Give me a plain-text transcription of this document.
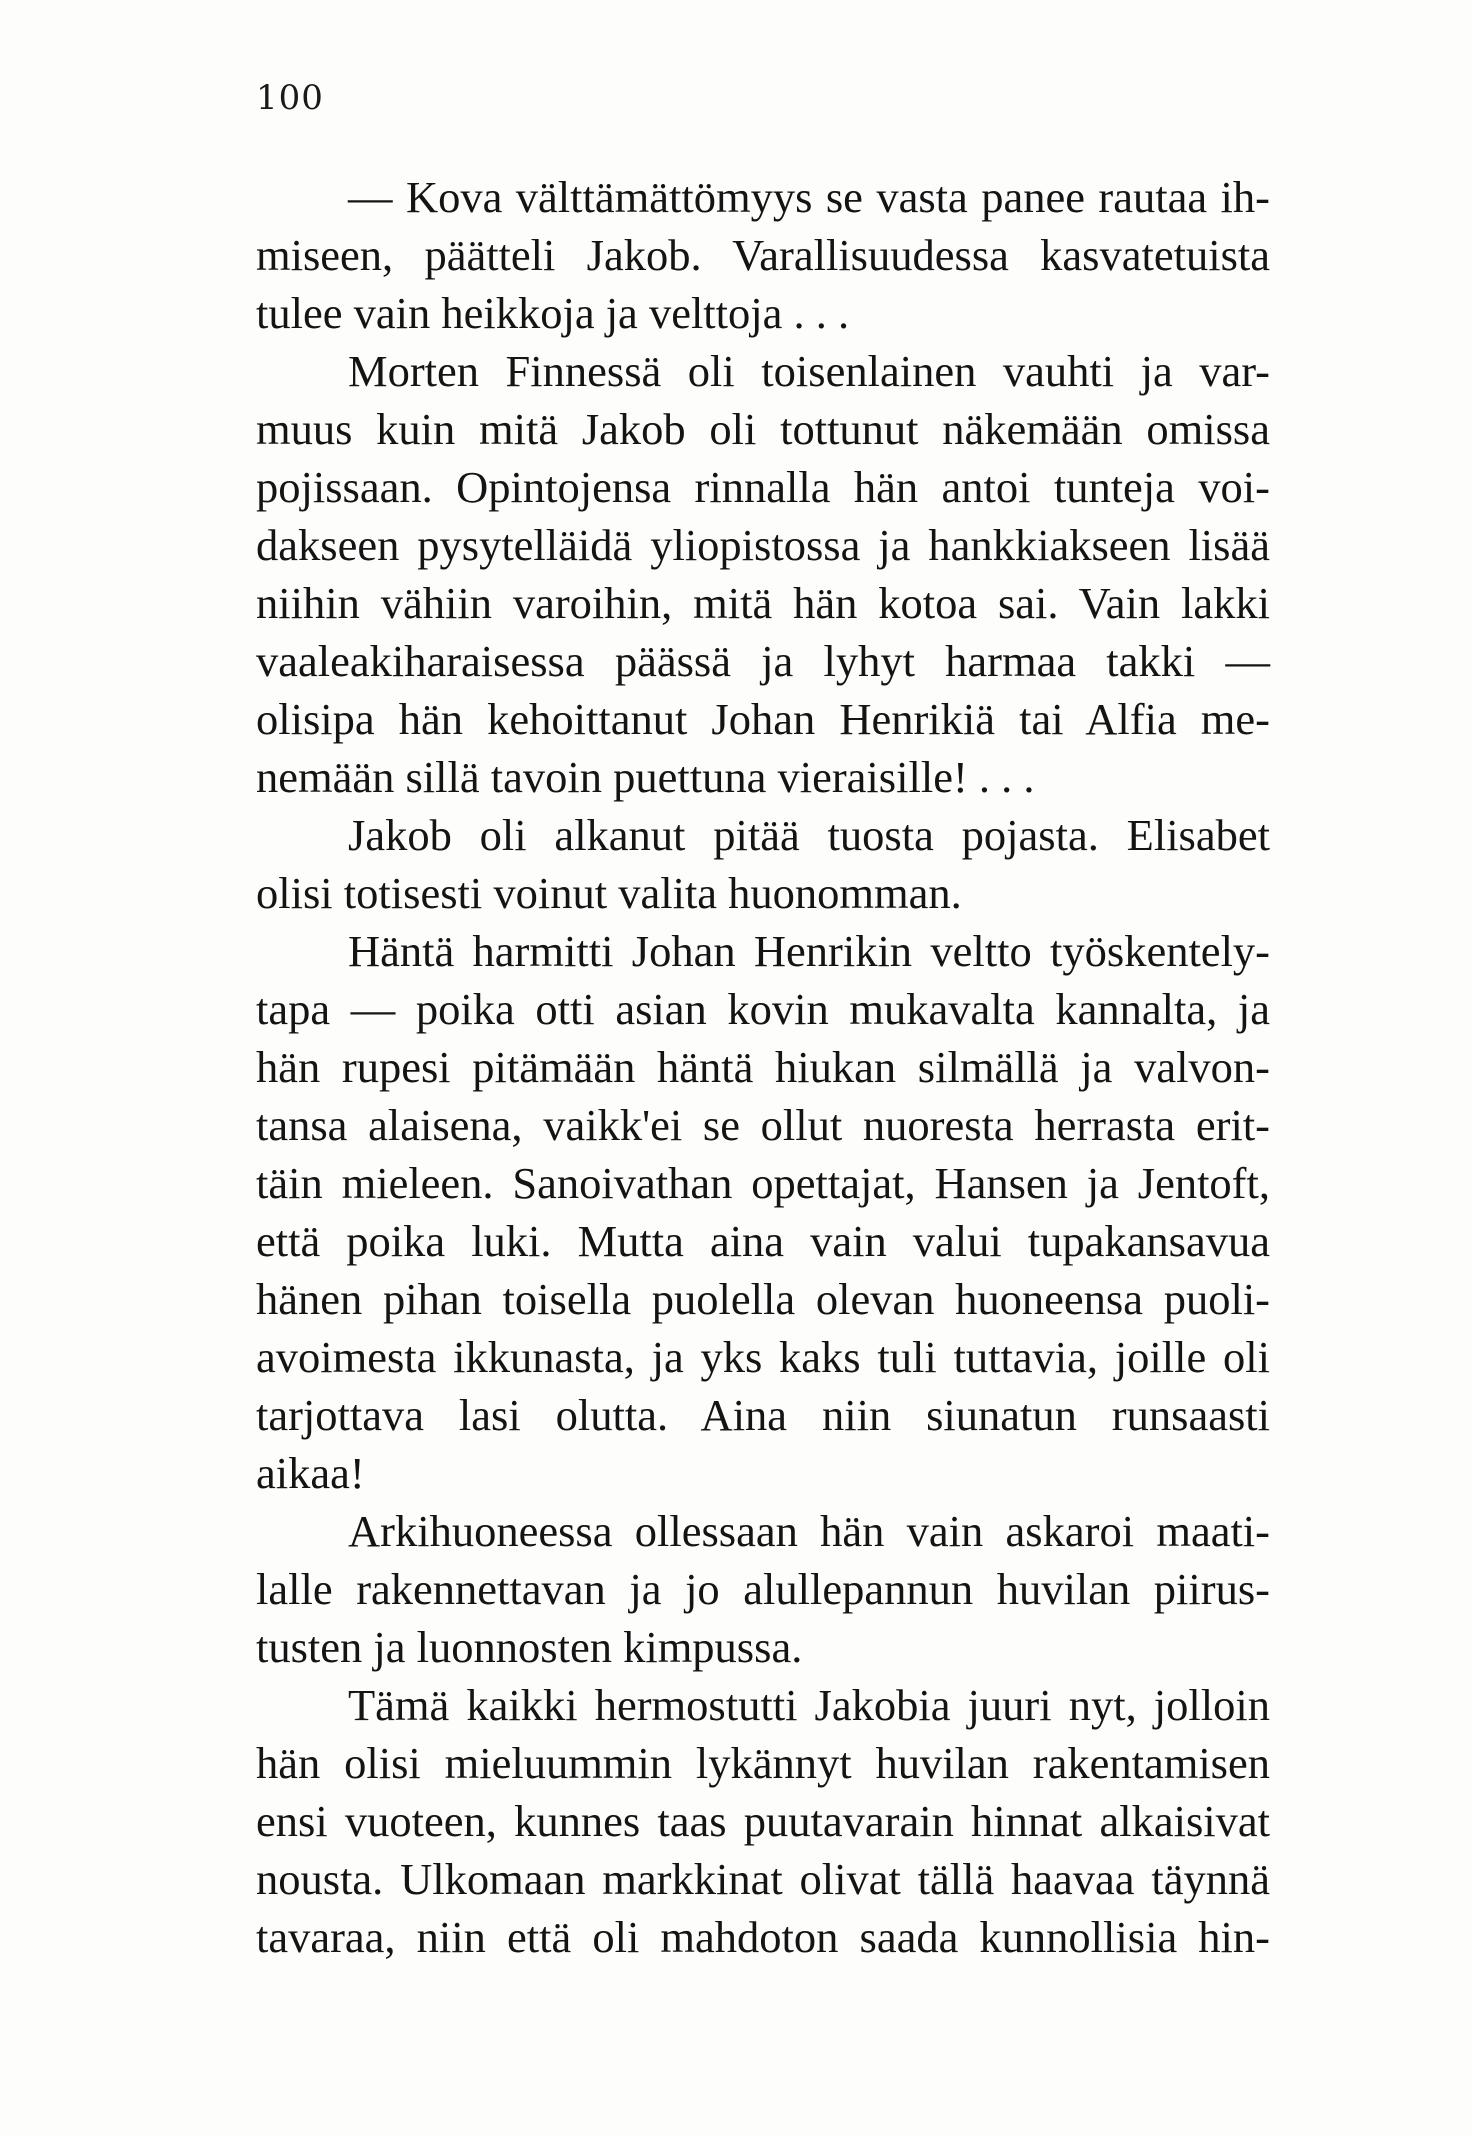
100
— Kova välttämättömyys se vasta panee rautaa ih-
miseen, päätteli Jakob. Varallisuudessa kasvatetuista
tulee vain heikkoja ja velttoja . . .
Morten Finnessä oli toisenlainen vauhti ja var-
muus kuin mitä Jakob oli tottunut näkemään omissa
pojissaan. Opintojensa rinnalla hän antoi tunteja voi-
dakseen pysytelläidä yliopistossa ja hankkiakseen lisää
niihin vähiin varoihin, mitä hän kotoa sai. Vain lakki
vaaleakiharaisessa päässä ja lyhyt harmaa takki —
olisipa hän kehoittanut Johan Henrikiä tai Alfia me-
nemään sillä tavoin puettuna vieraisille! . . .
Jakob oli alkanut pitää tuosta pojasta. Elisabet
olisi totisesti voinut valita huonomman.
Häntä harmitti Johan Henrikin veltto työskentely-
tapa — poika otti asian kovin mukavalta kannalta, ja
hän rupesi pitämään häntä hiukan silmällä ja valvon-
tansa alaisena, vaikk'ei se ollut nuoresta herrasta erit-
täin mieleen. Sanoivathan opettajat, Hansen ja Jentoft,
että poika luki. Mutta aina vain valui tupakansavua
hänen pihan toisella puolella olevan huoneensa puoli-
avoimesta ikkunasta, ja yks kaks tuli tuttavia, joille oli
tarjottava lasi olutta. Aina niin siunatun runsaasti
aikaa!
Arkihuoneessa ollessaan hän vain askaroi maati-
lalle rakennettavan ja jo alullepannun huvilan piirus-
tusten ja luonnosten kimpussa.
Tämä kaikki hermostutti Jakobia juuri nyt, jolloin
hän olisi mieluummin lykännyt huvilan rakentamisen
ensi vuoteen, kunnes taas puutavarain hinnat alkaisivat
nousta. Ulkomaan markkinat olivat tällä haavaa täynnä
tavaraa, niin että oli mahdoton saada kunnollisia hin-
